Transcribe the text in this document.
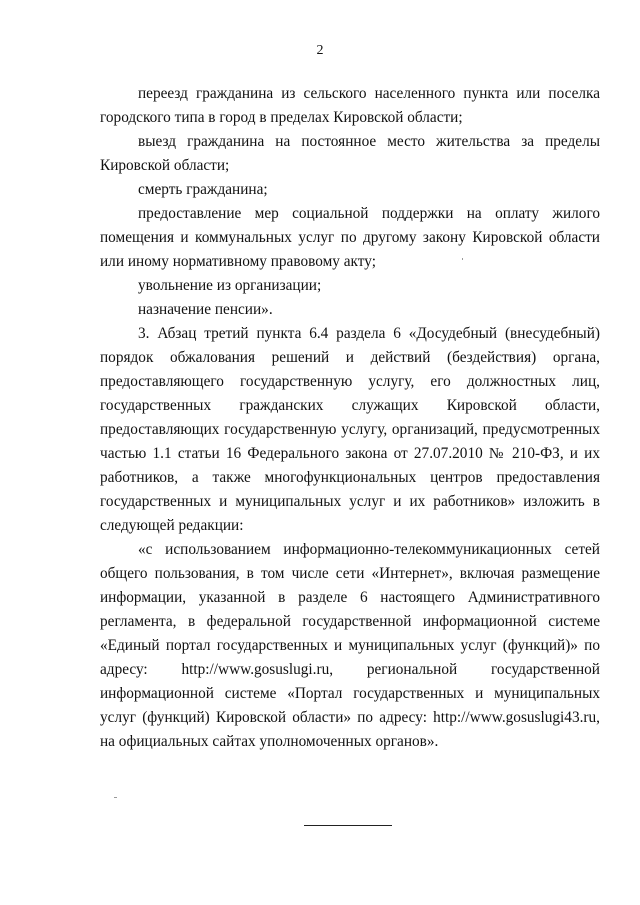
2

переезд гражданина из сельского населенного пункта или поселка городского типа в город в пределах Кировской области;

выезд гражданина на постоянное место жительства за пределы Кировской области;

смерть гражданина;

предоставление мер социальной поддержки на оплату жилого помещения и коммунальных услуг по другому закону Кировской области или иному нормативному правовому акту;

увольнение из организации;

назначение пенсии».

3. Абзац третий пункта 6.4 раздела 6 «Досудебный (внесудебный) порядок обжалования решений и действий (бездействия) органа, предоставляющего государственную услугу, его должностных лиц, государственных гражданских служащих Кировской области, предоставляющих государственную услугу, организаций, предусмотренных частью 1.1 статьи 16 Федерального закона от 27.07.2010 № 210-ФЗ, и их работников, а также многофункциональных центров предоставления государственных и муниципальных услуг и их работников» изложить в следующей редакции:

«с использованием информационно-телекоммуникационных сетей общего пользования, в том числе сети «Интернет», включая размещение информации, указанной в разделе 6 настоящего Административного регламента, в федеральной государственной информационной системе «Единый портал государственных и муниципальных услуг (функций)» по адресу: http://www.gosuslugi.ru, региональной государственной информационной системе «Портал государственных и муниципальных услуг (функций) Кировской области» по адресу: http://www.gosuslugi43.ru, на официальных сайтах уполномоченных органов».
